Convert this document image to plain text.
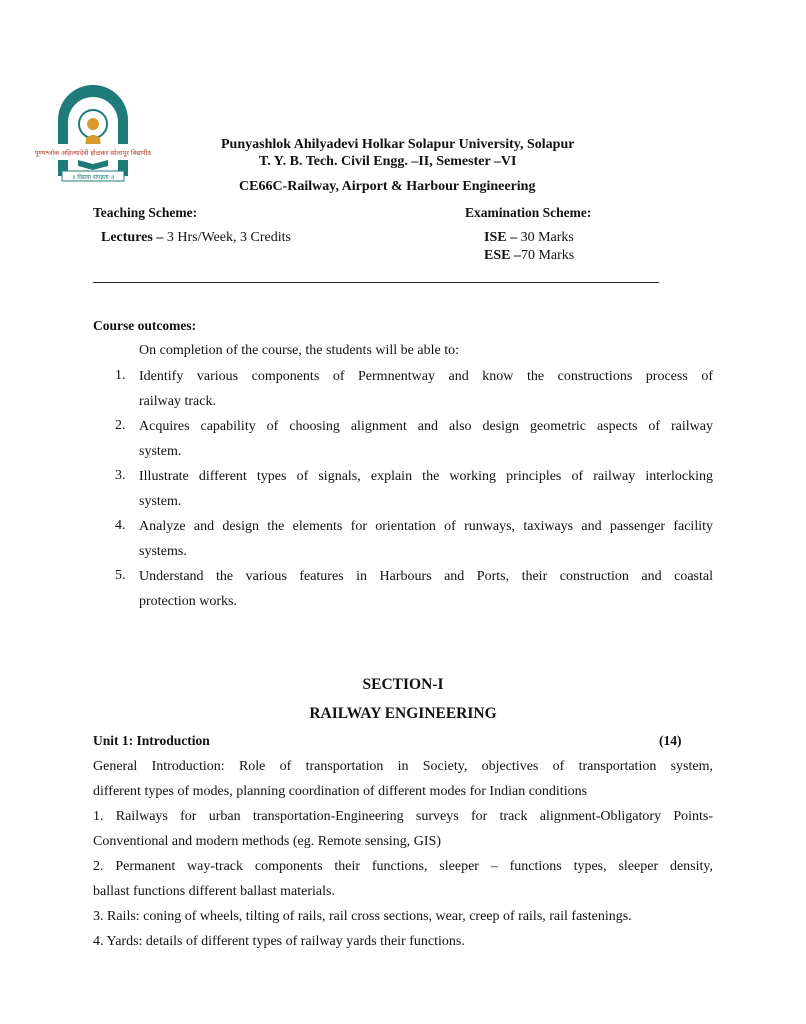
पुण्यश्लोक अहिल्यादेवी होळकर सोलापूर विद्यापीठ
॥ विद्यया संपन्नता ॥
Punyashlok Ahilyadevi Holkar Solapur University, Solapur
T. Y. B. Tech. Civil Engg. –II, Semester –VI
CE66C-Railway, Airport & Harbour Engineering
Teaching Scheme:
Lectures – 3 Hrs/Week, 3 Credits
Examination Scheme:
ISE – 30 Marks
ESE –70 Marks
Course outcomes:
On completion of the course, the students will be able to:
1. Identify various components of Permnentway and know the constructions process of
railway track.
2. Acquires capability of choosing alignment and also design geometric aspects of railway
system.
3. Illustrate different types of signals, explain the working principles of railway interlocking
system.
4. Analyze and design the elements for orientation of runways, taxiways and passenger facility
systems.
5. Understand the various features in Harbours and Ports, their construction and coastal
protection works.
SECTION-I
RAILWAY ENGINEERING
Unit 1: Introduction	(14)
General Introduction: Role of transportation in Society, objectives of transportation system,
different types of modes, planning coordination of different modes for Indian conditions
1. Railways for urban transportation-Engineering surveys for track alignment-Obligatory Points-
Conventional and modern methods (eg. Remote sensing, GIS)
2. Permanent way-track components their functions, sleeper – functions types, sleeper density,
ballast functions different ballast materials.
3. Rails: coning of wheels, tilting of rails, rail cross sections, wear, creep of rails, rail fastenings.
4. Yards: details of different types of railway yards their functions.
